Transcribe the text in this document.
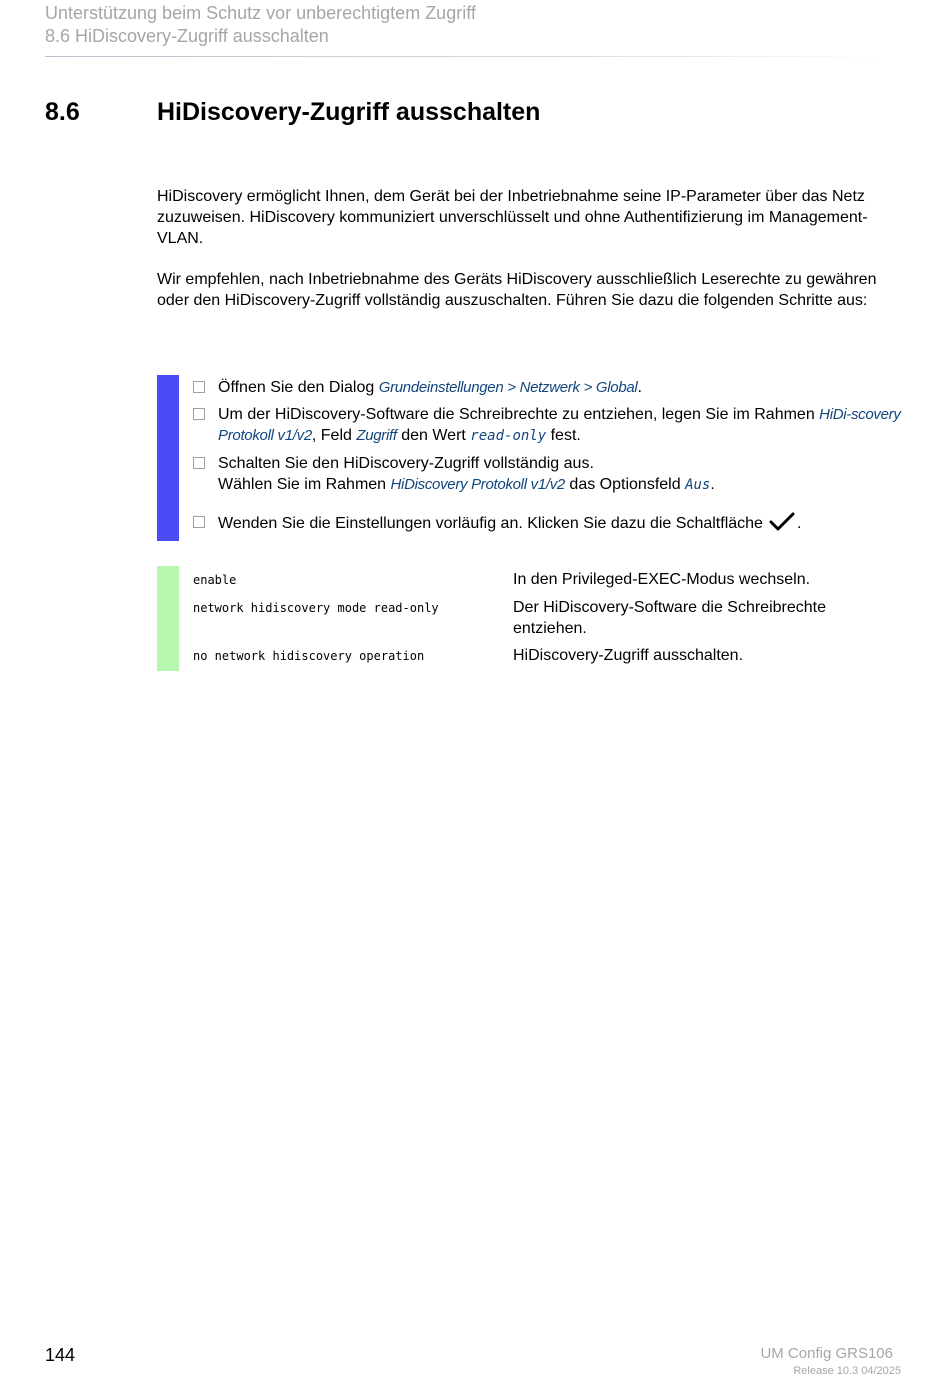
Unterstützung beim Schutz vor unberechtigtem Zugriff
8.6 HiDiscovery-Zugriff ausschalten
8.6	HiDiscovery-Zugriff ausschalten

HiDiscovery ermöglicht Ihnen, dem Gerät bei der Inbetriebnahme seine IP-Parameter über das Netz zuzuweisen. HiDiscovery kommuniziert unverschlüsselt und ohne Authentifizierung im Management-VLAN.

Wir empfehlen, nach Inbetriebnahme des Geräts HiDiscovery ausschließlich Leserechte zu gewähren oder den HiDiscovery-Zugriff vollständig auszuschalten. Führen Sie dazu die folgenden Schritte aus:

Öffnen Sie den Dialog Grundeinstellungen > Netzwerk > Global.
Um der HiDiscovery-Software die Schreibrechte zu entziehen, legen Sie im Rahmen HiDi-scovery Protokoll v1/v2, Feld Zugriff den Wert read-only fest.
Schalten Sie den HiDiscovery-Zugriff vollständig aus.
Wählen Sie im Rahmen HiDiscovery Protokoll v1/v2 das Optionsfeld Aus.
Wenden Sie die Einstellungen vorläufig an. Klicken Sie dazu die Schaltfläche .
enable	In den Privileged-EXEC-Modus wechseln.
network hidiscovery mode read-only	Der HiDiscovery-Software die Schreibrechte entziehen.
no network hidiscovery operation	HiDiscovery-Zugriff ausschalten.
144	UM Config GRS106
Release 10.3 04/2025
